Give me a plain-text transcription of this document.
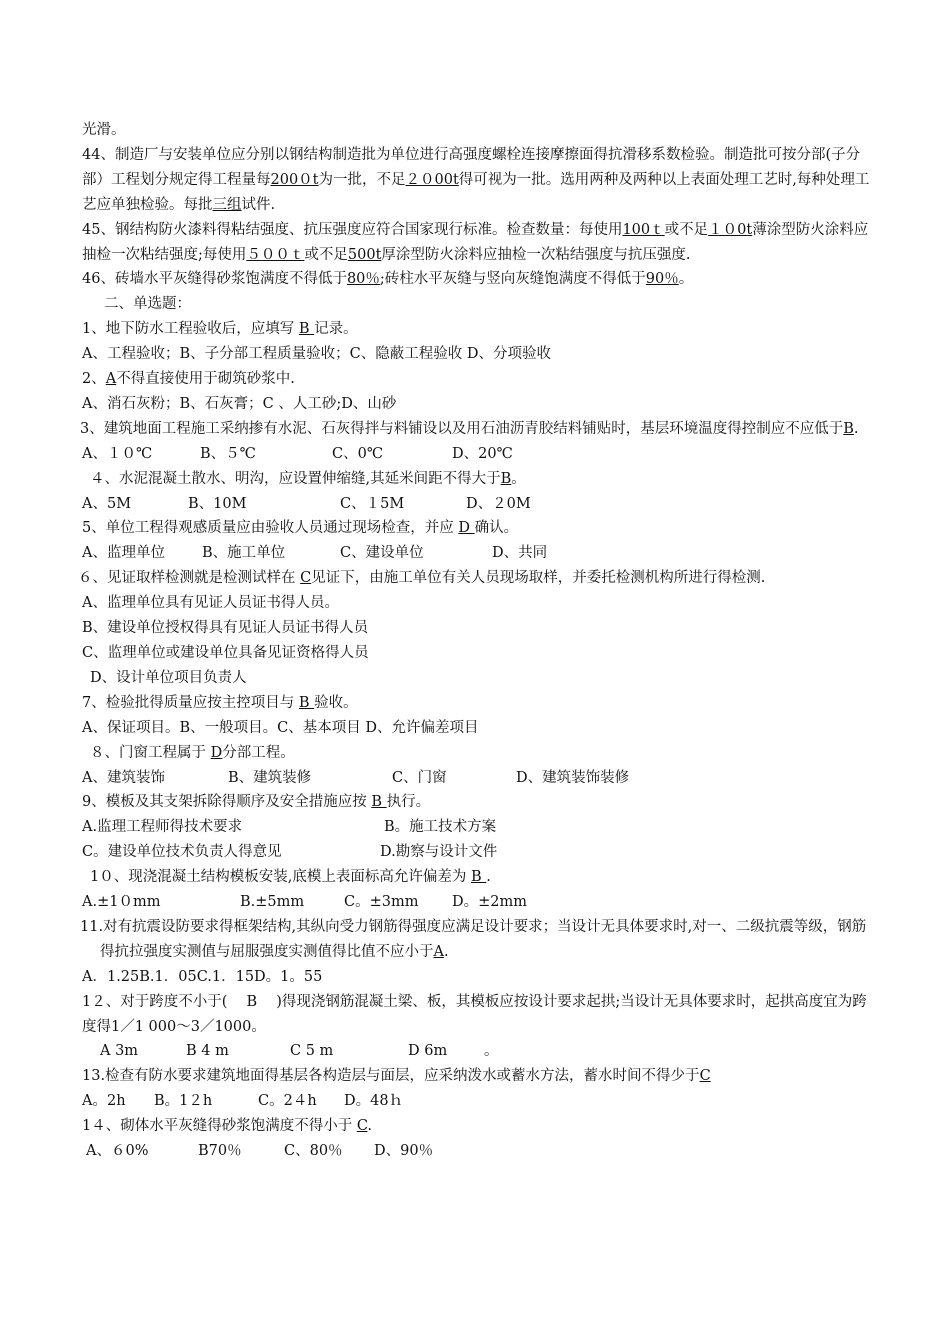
光滑。
44、制造厂与安装单位应分别以钢结构制造批为单位进行高强度螺栓连接摩擦面得抗滑移系数检验。制造批可按分部(子分部）工程划分规定得工程量每200０t为一批，不足２０00t得可视为一批。选用两种及两种以上表面处理工艺时,每种处理工艺应单独检验。每批三组试件.
45、钢结构防火漆料得粘结强度、抗压强度应符合国家现行标准。检查数量：每使用100ｔ或不足１０0t薄涂型防火涂料应抽检一次粘结强度;每使用５００ｔ或不足500t厚涂型防火涂料应抽检一次粘结强度与抗压强度.
46、砖墙水平灰缝得砂浆饱满度不得低于80％;砖柱水平灰缝与竖向灰缝饱满度不得低于90％。
二、单选题：
1、地下防水工程验收后，应填写 B 记录。
A、工程验收；B、子分部工程质量验收；C、隐蔽工程验收 D、分项验收
2、A不得直接使用于砌筑砂浆中.
A、消石灰粉；B、石灰膏；C 、人工砂;D、山砂
3、建筑地面工程施工采纳掺有水泥、石灰得拌与料铺设以及用石油沥青胶结料铺贴时，基层环境温度得控制应不应低于B.
A、１０℃	B、５℃	C、0℃	D、20℃
４、水泥混凝土散水、明沟，应设置伸缩缝,其延米间距不得大于B。
A、5M	B、10M	C、１5M	D、２0M
5、单位工程得观感质量应由验收人员通过现场检查，并应 D 确认。
A、监理单位	B、施工单位	C、建设单位	D、共同
６、见证取样检测就是检测试样在 C见证下，由施工单位有关人员现场取样，并委托检测机构所进行得检测.
A、监理单位具有见证人员证书得人员。
B、建设单位授权得具有见证人员证书得人员
C、监理单位或建设单位具备见证资格得人员
D、设计单位项目负责人
7、检验批得质量应按主控项目与 B 验收。
A、保证项目。B、一般项目。C、基本项目 D、允许偏差项目
８、门窗工程属于 D分部工程。
A、建筑装饰	B、建筑装修	C、门窗	D、建筑装饰装修
9、模板及其支架拆除得顺序及安全措施应按 B 执行。
A.监理工程师得技术要求	B。施工技术方案
C。建设单位技术负责人得意见	D.勘察与设计文件
1０、现浇混凝土结构模板安装,底模上表面标高允许偏差为 B .
A.±1０mm	B.±5mm	C。±3mm D。±2mm
11.对有抗震设防要求得框架结构,其纵向受力钢筋得强度应满足设计要求；当设计无具体要求时,对一、二级抗震等级，钢筋得抗拉强度实测值与屈服强度实测值得比值不应小于A.
A．1.25B.1．05C.1．15D。1。55
1２、对于跨度不小于(　 B　 )得现浇钢筋混凝土梁、板，其模板应按设计要求起拱;当设计无具体要求时，起拱高度宜为跨度得1／1 000～3／1000。
A 3m	B 4 m	C 5 m	D 6m	。
13.检查有防水要求建筑地面得基层各构造层与面层，应采纳泼水或蓄水方法，蓄水时间不得少于C
A。2h B。1２h	C。2４h D。48ｈ
1４、砌体水平灰缝得砂浆饱满度不得小于 C.
A、６0%	B70％	C、80％ D、90％
